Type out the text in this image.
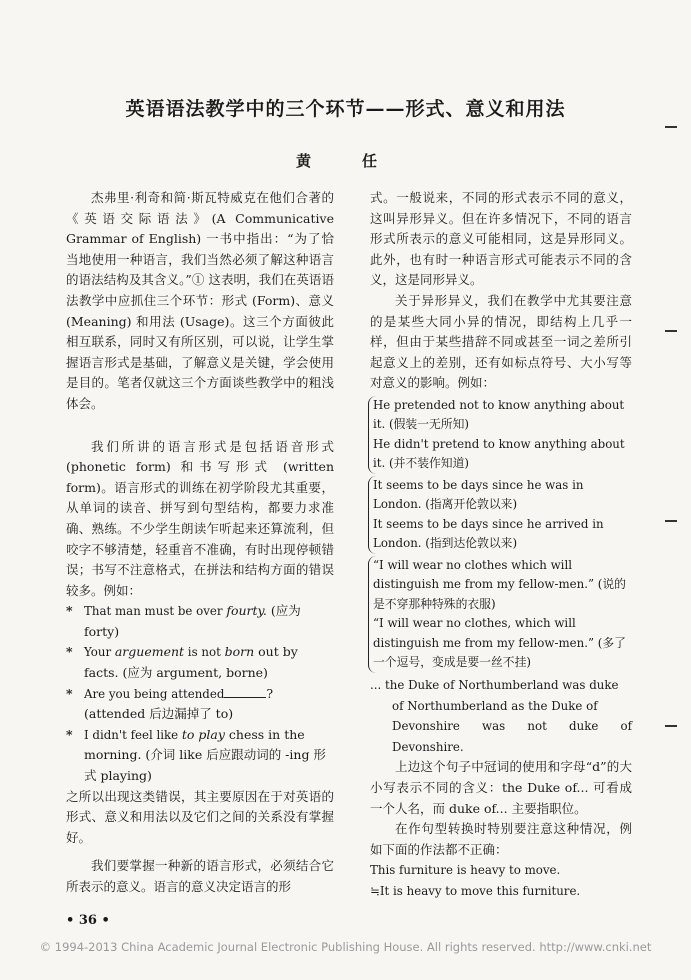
英语语法教学中的三个环节——形式、意义和用法
黄　任

杰弗里·利奇和简·斯瓦特威克在他们合著的《英语交际语法》(A Communicative Grammar of English) 一书中指出：“为了恰当地使用一种语言，我们当然必须了解这种语言的语法结构及其含义。”① 这表明，我们在英语语法教学中应抓住三个环节：形式 (Form)、意义 (Meaning) 和用法 (Usage)。这三个方面彼此相互联系，同时又有所区别，可以说，让学生掌握语言形式是基础，了解意义是关键，学会使用是目的。笔者仅就这三个方面谈些教学中的粗浅体会。

我们所讲的语言形式是包括语音形式 (phonetic form) 和书写形式 (written form)。语言形式的训练在初学阶段尤其重要，从单词的读音、拼写到句型结构，都要力求准确、熟练。不少学生朗读乍听起来还算流利，但咬字不够清楚，轻重音不准确，有时出现停顿错误；书写不注意格式，在拼法和结构方面的错误较多。例如：

* That man must be over fourty. (应为 forty)
* Your arguement is not born out by facts. (应为 argument, borne)
* Are you being attended	?(attended 后边漏掉了 to)
* I didn't feel like to play chess in the morning. (介词 like 后应跟动词的 -ing 形式 playing)

之所以出现这类错误，其主要原因在于对英语的形式、意义和用法以及它们之间的关系没有掌握好。

我们要掌握一种新的语言形式，必须结合它所表示的意义。语言的意义决定语言的形

式。一般说来，不同的形式表示不同的意义，这叫异形异义。但在许多情况下，不同的语言形式所表示的意义可能相同，这是异形同义。此外，也有时一种语言形式可能表示不同的含义，这是同形异义。

关于异形异义，我们在教学中尤其要注意的是某些大同小异的情况，即结构上几乎一样，但由于某些措辞不同或甚至一词之差所引起意义上的差别，还有如标点符号、大小写等对意义的影响。例如：

He pretended not to know anything about it. (假装一无所知)

He didn't pretend to know anything about it. (并不装作知道)

It seems to be days since he was in London. (指离开伦敦以来)

It seems to be days since he arrived in London. (指到达伦敦以来)

“I will wear no clothes which will distinguish me from my fellow-men.” (说的是不穿那种特殊的衣服)

“I will wear no clothes, which will distinguish me from my fellow-men.” (多了一个逗号，变成是要一丝不挂)

... the Duke of Northumberland was duke

of Northumberland as the Duke of

Devonshire was not duke of Devonshire.

上边这个句子中冠词的使用和字母“d”的大小写表示不同的含义：the Duke of... 可看成一个人名，而 duke of... 主要指职位。

在作句型转换时特别要注意这种情况，例如下面的作法都不正确：

This furniture is heavy to move.

≒It is heavy to move this furniture.

• 36 •
© 1994-2013 China Academic Journal Electronic Publishing House. All rights reserved. http://www.cnki.net
